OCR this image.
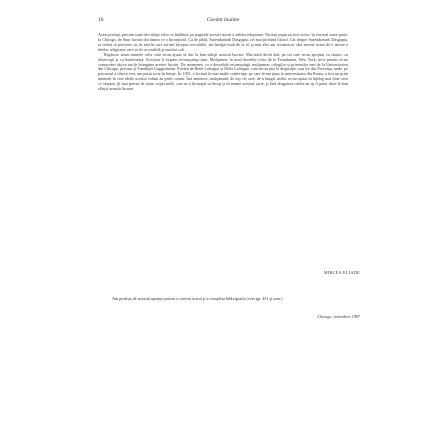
16	Cuvânt înainte

Acest prefaţă, precum toate din ediţia celor ce întâlnesc pe paginile acestei istorii a ideilor religioase, Nu mai puţin au fost scrise, în cea mai mare parte, la Chicago, de Sunt lucruri din lumea ce o înconjoară, Ca de pildă, Surendranath Dasgupta, cel mai profund filosof. Cât despre Surendranath Dasgupta, ar trebui să precizez că, în anii în care mi-am început cercetările, am învăţat mult de la el, şi mai ales am recunoscut câtă nevoie avem de o istorie a ideilor religioase care să fie accesibilă şi omului cult.

Regăsesc acum numele celor care m-au ajutat să duc la bun sfârşit această lucrare. Mai mult decât atât, pe cei care m-au sprijinit cu sfaturi, cu observaţii şi cu bunăvoinţă. Acestora le exprim recunoştinţa mea. Mulţumesc în mod deosebit celor de la Foundation, New York, ne-a permis să ne consacrăm câţiva ani în întregime acestei lucrări. De asemenea, cu o deosebită recunoştinţă, mulţumesc colegilor şi prietenilor mei de la Universitatea din Chicago, precum şi Fundaţiei Guggenheim. Prieten de René Laforgue şi Délia Laforgue, care ne-au pus la dispoziţie casa lor din Provenţa, unde, pe parcursul a câteva veri, am putut scrie în linişte. În 1951, o lectură în mai multe conferinţe, pe care le-am ţinut la universitatea din Roma, a fost un prim moment în care ideile acestui volum au prins contur. Îmi amintesc, mulţumind, de toţi cei care, de-a lungul anilor, m-au ajutat să înţeleg mai bine ceea ce căutam. Şi mai presus de toate, soţiei mele, care m-a încurajat să încep şi să termin această carte, şi fără dragostea căreia nu aş fi putut duce la bun sfârşit această lucrare.

MIRCEA ELIADE

Am profitat de această apariţie pentru a corecta textul şi a completa bibliografia (vezi pp. 451 şi urm.)

Chicago, noiembrie 1987
